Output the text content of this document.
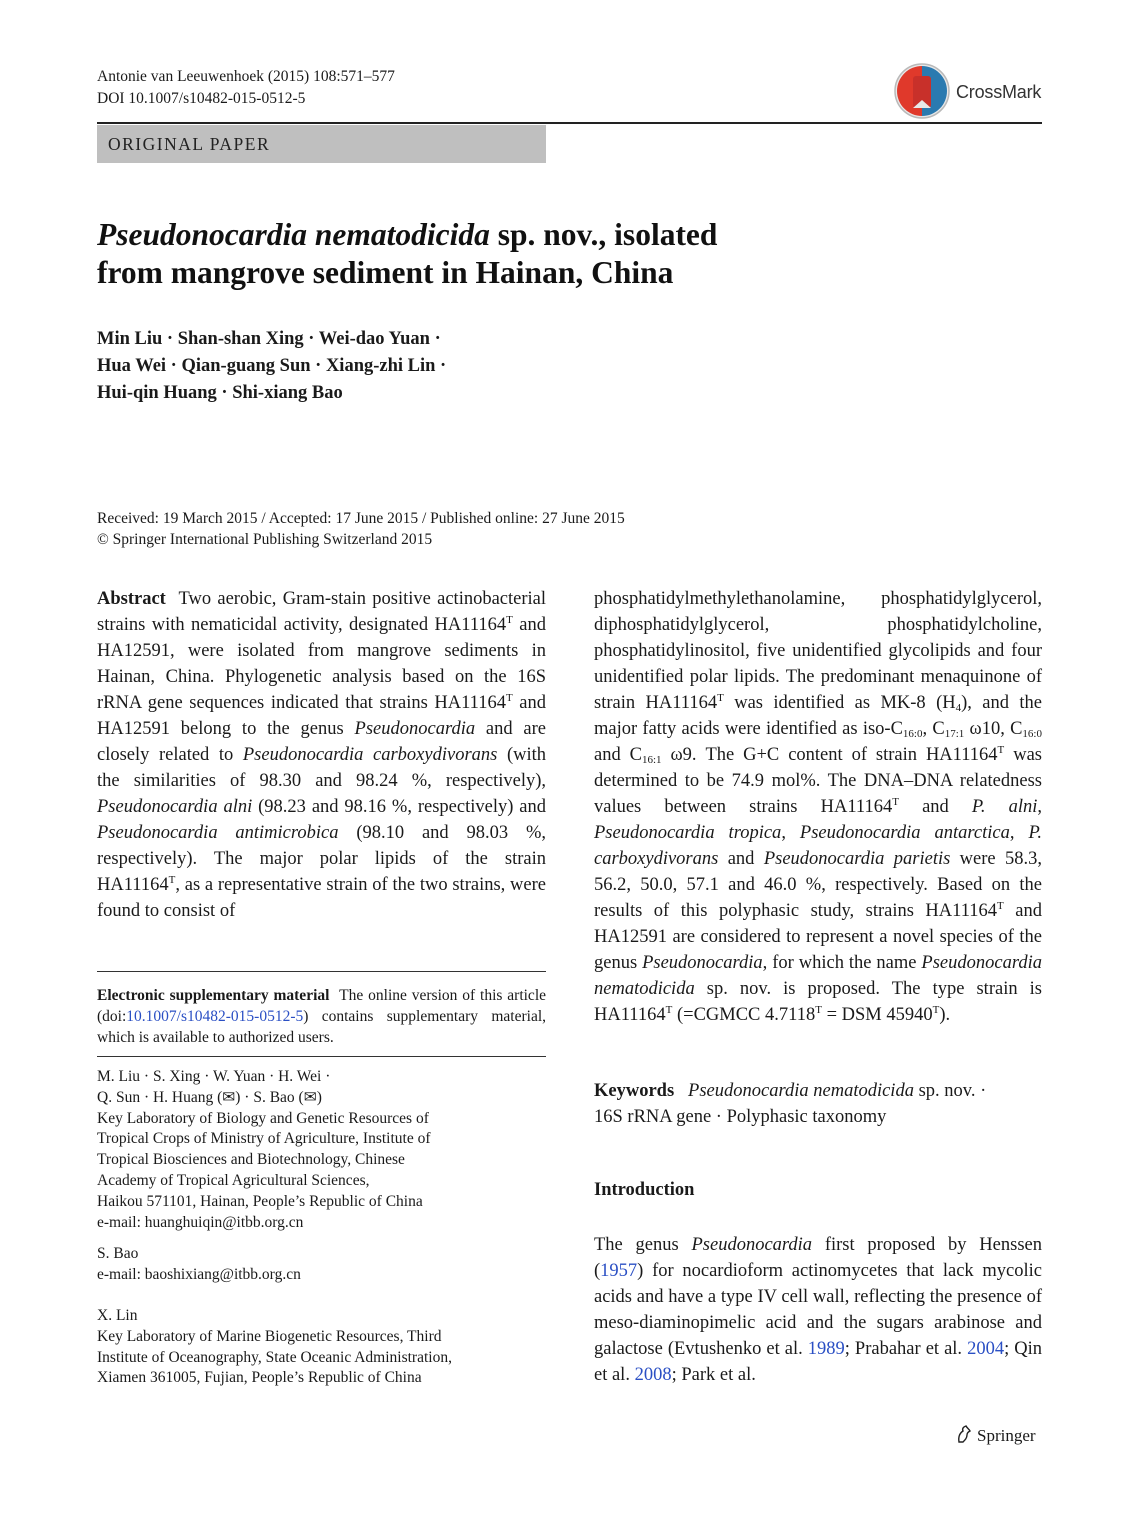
Antonie van Leeuwenhoek (2015) 108:571–577
DOI 10.1007/s10482-015-0512-5	CrossMark
ORIGINAL PAPER
Pseudonocardia nematodicida sp. nov., isolated
from mangrove sediment in Hainan, China
Min Liu · Shan-shan Xing · Wei-dao Yuan ·
Hua Wei · Qian-guang Sun · Xiang-zhi Lin ·
Hui-qin Huang · Shi-xiang Bao
Received: 19 March 2015 / Accepted: 17 June 2015 / Published online: 27 June 2015
© Springer International Publishing Switzerland 2015

Abstract Two aerobic, Gram-stain positive actinobacterial strains with nematicidal activity, designated $HA11164^T$ and HA12591, were isolated from mangrove sediments in Hainan, China. Phylogenetic analysis based on the 16S rRNA gene sequences indicated that strains $HA11164^T$ and HA12591 belong to the genus Pseudonocardia and are closely related to Pseudonocardia carboxydivorans (with the similarities of 98.30 and 98.24 %, respectively), Pseudonocardia alni (98.23 and 98.16 %, respectively) and Pseudonocardia antimicrobica (98.10 and 98.03 %, respectively). The major polar lipids of the strain $HA11164^T$, as a representative strain of the two strains, were found to consist of

Electronic supplementary material The online version of this article (doi:10.1007/s10482-015-0512-5) contains supplementary material, which is available to authorized users.

M. Liu · S. Xing · W. Yuan · H. Wei ·

Q. Sun · H. Huang (✉) · S. Bao (✉)

Key Laboratory of Biology and Genetic Resources of

Tropical Crops of Ministry of Agriculture, Institute of

Tropical Biosciences and Biotechnology, Chinese

Academy of Tropical Agricultural Sciences,

Haikou 571101, Hainan, People’s Republic of China

e-mail: huanghuiqin@itbb.org.cn

S. Bao

e-mail: baoshixiang@itbb.org.cn

X. Lin

Key Laboratory of Marine Biogenetic Resources, Third

Institute of Oceanography, State Oceanic Administration,

Xiamen 361005, Fujian, People’s Republic of China

phosphatidylmethylethanolamine, phosphatidylglycerol, diphosphatidylglycerol, phosphatidylcholine, phosphatidylinositol, five unidentified glycolipids and four unidentified polar lipids. The predominant menaquinone of strain $HA11164^T$ was identified as MK-8 $(H_4)$, and the major fatty acids were identified as iso-$C_{16:0}$, $C_{17:1}$ ω10, $C_{16:0}$ and $C_{16:1}$ ω9. The G+C content of strain $HA11164^T$ was determined to be 74.9 mol%. The DNA–DNA relatedness values between strains $HA11164^T$ and P. alni, Pseudonocardia tropica, Pseudonocardia antarctica, P. carboxydivorans and Pseudonocardia parietis were 58.3, 56.2, 50.0, 57.1 and 46.0 %, respectively. Based on the results of this polyphasic study, strains $HA11164^T$ and HA12591 are considered to represent a novel species of the genus Pseudonocardia, for which the name Pseudonocardia nematodicida sp. nov. is proposed. The type strain is $HA11164^T$ (=CGMCC $4.7118^T$ = DSM $45940^T$).

Keywords Pseudonocardia nematodicida sp. nov. ·
16S rRNA gene · Polyphasic taxonomy
Introduction
The genus Pseudonocardia first proposed by Henssen (1957) for nocardioform actinomycetes that lack mycolic acids and have a type IV cell wall, reflecting the presence of meso-diaminopimelic acid and the sugars arabinose and galactose (Evtushenko et al. 1989; Prabahar et al. 2004; Qin et al. 2008; Park et al.
Springer
